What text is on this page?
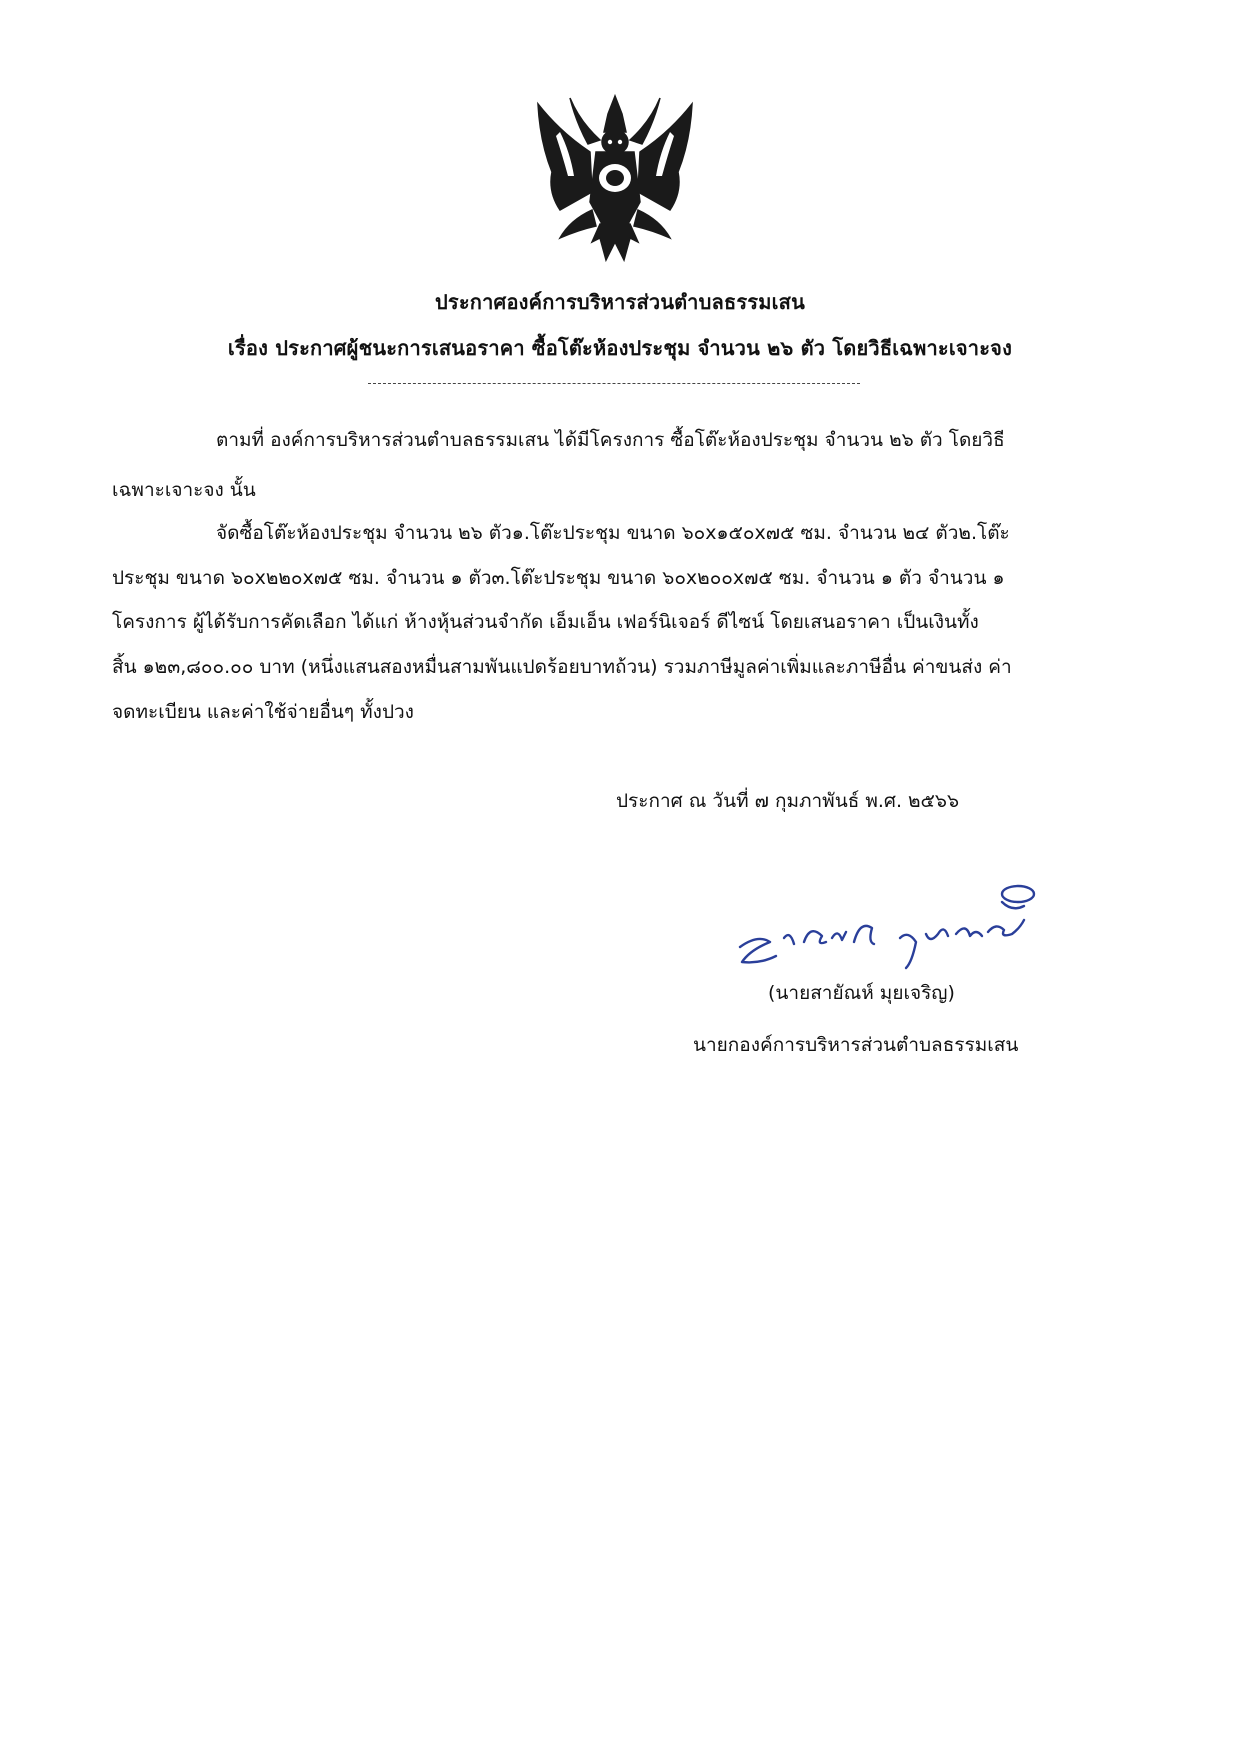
ประกาศองค์การบริหารส่วนตำบลธรรมเสน
เรื่อง ประกาศผู้ชนะการเสนอราคา ซื้อโต๊ะห้องประชุม จำนวน ๒๖ ตัว โดยวิธีเฉพาะเจาะจง
ตามที่ องค์การบริหารส่วนตำบลธรรมเสน ได้มีโครงการ ซื้อโต๊ะห้องประชุม จำนวน ๒๖ ตัว โดยวิธี
เฉพาะเจาะจง นั้น
จัดซื้อโต๊ะห้องประชุม จำนวน ๒๖ ตัว๑.โต๊ะประชุม ขนาด ๖๐x๑๕๐x๗๕ ซม. จำนวน ๒๔ ตัว๒.โต๊ะ
ประชุม ขนาด ๖๐x๒๒๐x๗๕ ซม. จำนวน ๑ ตัว๓.โต๊ะประชุม ขนาด ๖๐x๒๐๐x๗๕ ซม. จำนวน ๑ ตัว จำนวน ๑
โครงการ ผู้ได้รับการคัดเลือก ได้แก่ ห้างหุ้นส่วนจำกัด เอ็มเอ็น เฟอร์นิเจอร์ ดีไซน์ โดยเสนอราคา เป็นเงินทั้ง
สิ้น ๑๒๓,๘๐๐.๐๐ บาท (หนึ่งแสนสองหมื่นสามพันแปดร้อยบาทถ้วน) รวมภาษีมูลค่าเพิ่มและภาษีอื่น ค่าขนส่ง ค่า
จดทะเบียน และค่าใช้จ่ายอื่นๆ ทั้งปวง
ประกาศ ณ วันที่ ๗ กุมภาพันธ์ พ.ศ. ๒๕๖๖
(นายสายัณห์ มุยเจริญ)
นายกองค์การบริหารส่วนตำบลธรรมเสน
